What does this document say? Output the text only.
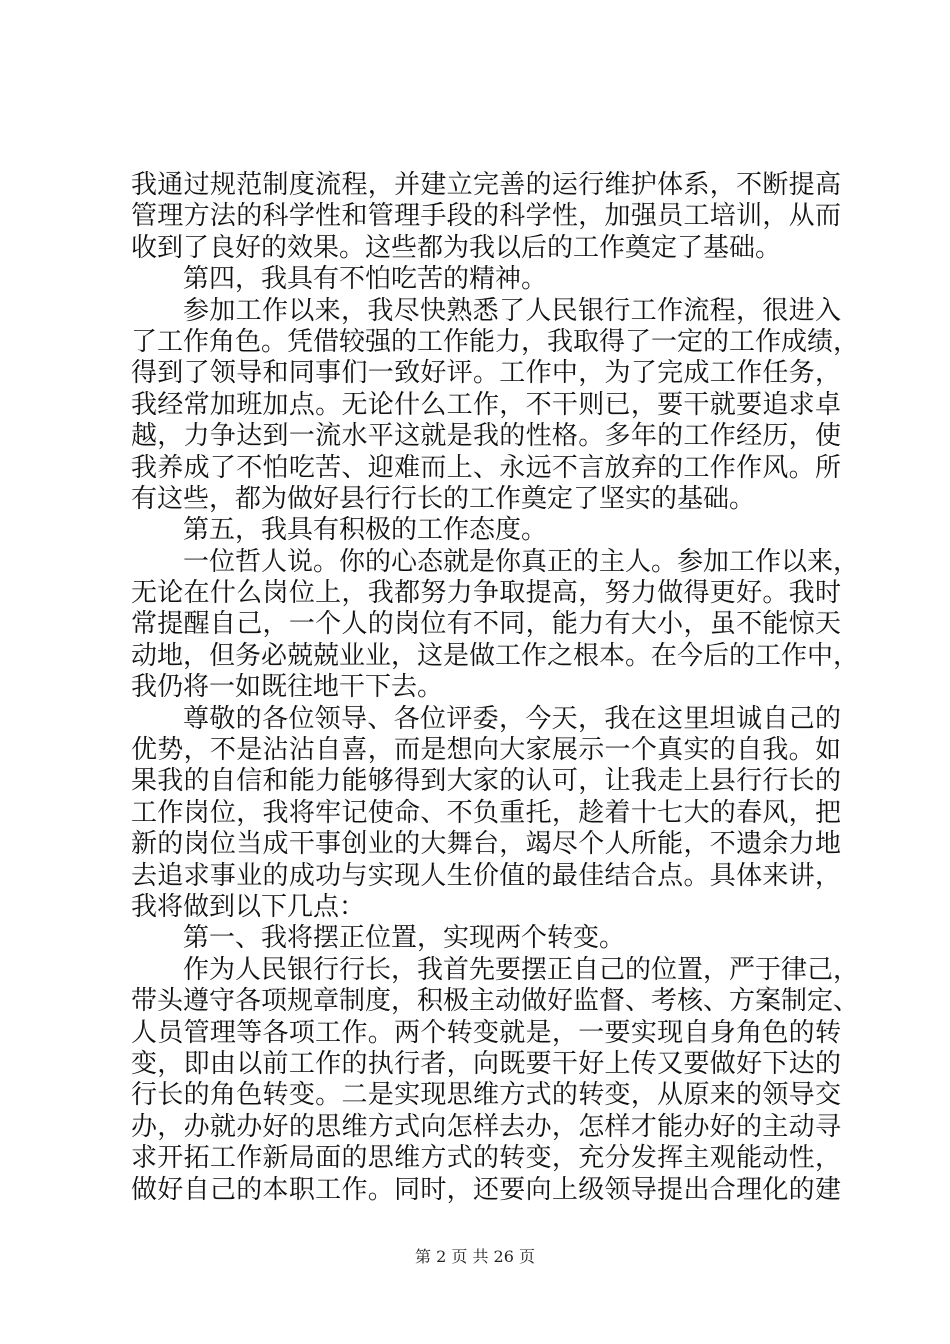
我通过规范制度流程，并建立完善的运行维护体系，不断提高
管理方法的科学性和管理手段的科学性，加强员工培训，从而
收到了良好的效果。这些都为我以后的工作奠定了基础。
第四，我具有不怕吃苦的精神。
参加工作以来，我尽快熟悉了人民银行工作流程，很进入
了工作角色。凭借较强的工作能力，我取得了一定的工作成绩，
得到了领导和同事们一致好评。工作中，为了完成工作任务，
我经常加班加点。无论什么工作，不干则已，要干就要追求卓
越，力争达到一流水平这就是我的性格。多年的工作经历，使
我养成了不怕吃苦、迎难而上、永远不言放弃的工作作风。所
有这些，都为做好县行行长的工作奠定了坚实的基础。
第五，我具有积极的工作态度。
一位哲人说。你的心态就是你真正的主人。参加工作以来，
无论在什么岗位上，我都努力争取提高，努力做得更好。我时
常提醒自己，一个人的岗位有不同，能力有大小，虽不能惊天
动地，但务必兢兢业业，这是做工作之根本。在今后的工作中，
我仍将一如既往地干下去。
尊敬的各位领导、各位评委，今天，我在这里坦诚自己的
优势，不是沾沾自喜，而是想向大家展示一个真实的自我。如
果我的自信和能力能够得到大家的认可，让我走上县行行长的
工作岗位，我将牢记使命、不负重托，趁着十七大的春风，把
新的岗位当成干事创业的大舞台，竭尽个人所能，不遗余力地
去追求事业的成功与实现人生价值的最佳结合点。具体来讲，
我将做到以下几点：
第一、我将摆正位置，实现两个转变。
作为人民银行行长，我首先要摆正自己的位置，严于律己，
带头遵守各项规章制度，积极主动做好监督、考核、方案制定、
人员管理等各项工作。两个转变就是，一要实现自身角色的转
变，即由以前工作的执行者，向既要干好上传又要做好下达的
行长的角色转变。二是实现思维方式的转变，从原来的领导交
办，办就办好的思维方式向怎样去办，怎样才能办好的主动寻
求开拓工作新局面的思维方式的转变，充分发挥主观能动性，
做好自己的本职工作。同时，还要向上级领导提出合理化的建
第 2 页 共 26 页
